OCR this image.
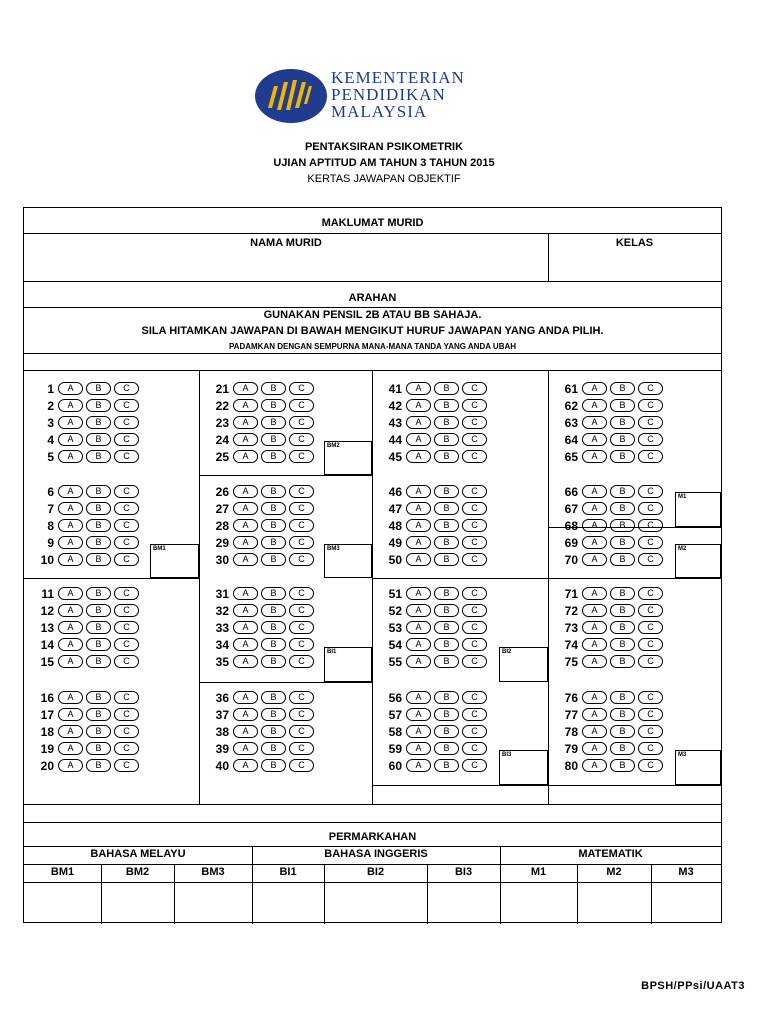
KEMENTERIAN
PENDIDIKAN
MALAYSIA
PENTAKSIRAN PSIKOMETRIK
UJIAN APTITUD AM TAHUN 3 TAHUN 2015
KERTAS JAWAPAN OBJEKTIF
MAKLUMAT MURID
NAMA MURID	KELAS
ARAHAN
GUNAKAN PENSIL 2B ATAU BB SAHAJA.
SILA HITAMKAN JAWAPAN DI BAWAH MENGIKUT HURUF JAWAPAN YANG ANDA PILIH.
PADAMKAN DENGAN SEMPURNA MANA-MANA TANDA YANG ANDA UBAH
BM1
BM2
BM3
BI1	BI2
BI3
M1
M2
M3
1	A	B	C
2	A	B	C
3	A	B	C
4	A	B	C
5	A	B	C
6	A	B	C
7	A	B	C
8	A	B	C
9	A	B	C
10	A	B	C
11	A	B	C
12	A	B	C
13	A	B	C
14	A	B	C
15	A	B	C
16	A	B	C
17	A	B	C
18	A	B	C
19	A	B	C
20	A	B	C
21	A	B	C
22	A	B	C
23	A	B	C
24	A	B	C
25	A	B	C
26	A	B	C
27	A	B	C
28	A	B	C
29	A	B	C
30	A	B	C
31	A	B	C
32	A	B	C
33	A	B	C
34	A	B	C
35	A	B	C
36	A	B	C
37	A	B	C
38	A	B	C
39	A	B	C
40	A	B	C
41	A	B	C
42	A	B	C
43	A	B	C
44	A	B	C
45	A	B	C
46	A	B	C
47	A	B	C
48	A	B	C
49	A	B	C
50	A	B	C
51	A	B	C
52	A	B	C
53	A	B	C
54	A	B	C
55	A	B	C
56	A	B	C
57	A	B	C
58	A	B	C
59	A	B	C
60	A	B	C
61	A	B	C
62	A	B	C
63	A	B	C
64	A	B	C
65	A	B	C
66	A	B	C
67	A	B	C
68	A	B	C
69	A	B	C
70	A	B	C
71	A	B	C
72	A	B	C
73	A	B	C
74	A	B	C
75	A	B	C
76	A	B	C
77	A	B	C
78	A	B	C
79	A	B	C
80	A	B	C
PERMARKAHAN
BAHASA MELAYU	BAHASA INGGERIS	MATEMATIK
BM1	BM2	BM3	BI1	BI2	BI3	M1	M2	M3
BPSH/PPsi/UAAT3
